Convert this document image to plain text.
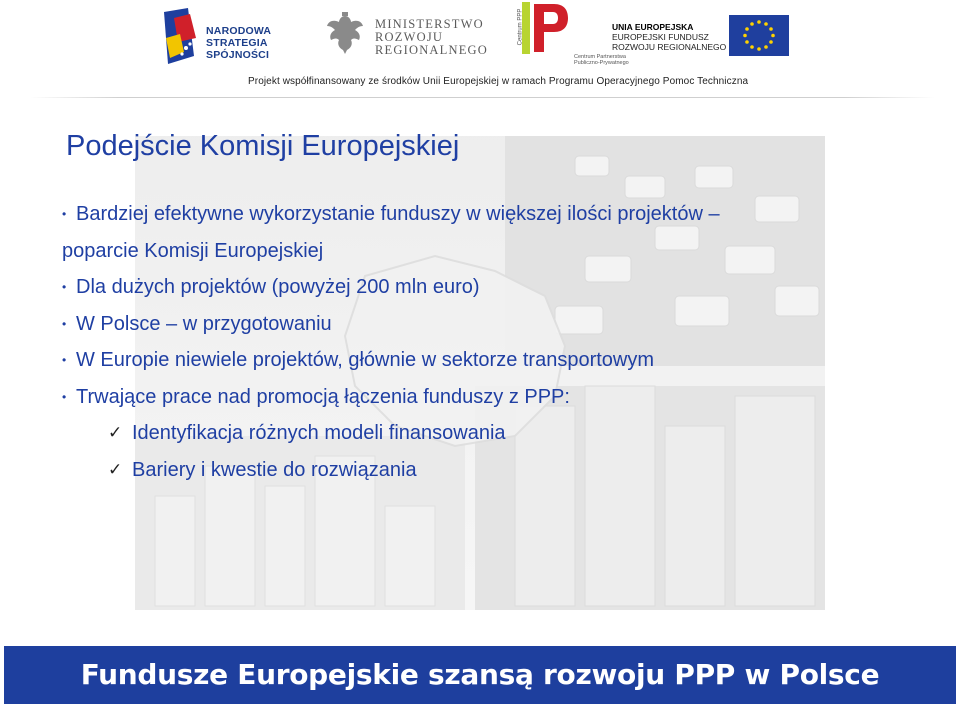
NARODOWA
STRATEGIA SPÓJNOŚCI
MINISTERSTWO
ROZWOJU
REGIONALNEGO
Centrum PPP
Centrum Partnerstwa
Publiczno-Prywatnego
UNIA EUROPEJSKA
EUROPEJSKI FUNDUSZ
ROZWOJU REGIONALNEGO
Projekt współfinansowany ze środków Unii Europejskiej w ramach Programu Operacyjnego Pomoc Techniczna
Podejście Komisji Europejskiej
• Bardziej efektywne wykorzystanie funduszy w większej ilości projektów –
poparcie Komisji Europejskiej
• Dla dużych projektów (powyżej 200 mln euro)
• W Polsce – w przygotowaniu
• W Europie niewiele projektów, głównie w sektorze transportowym
• Trwające prace nad promocją łączenia funduszy z PPP:
✓ Identyfikacja różnych modeli finansowania
✓ Bariery i kwestie do rozwiązania
Fundusze Europejskie szansą rozwoju PPP w Polsce
